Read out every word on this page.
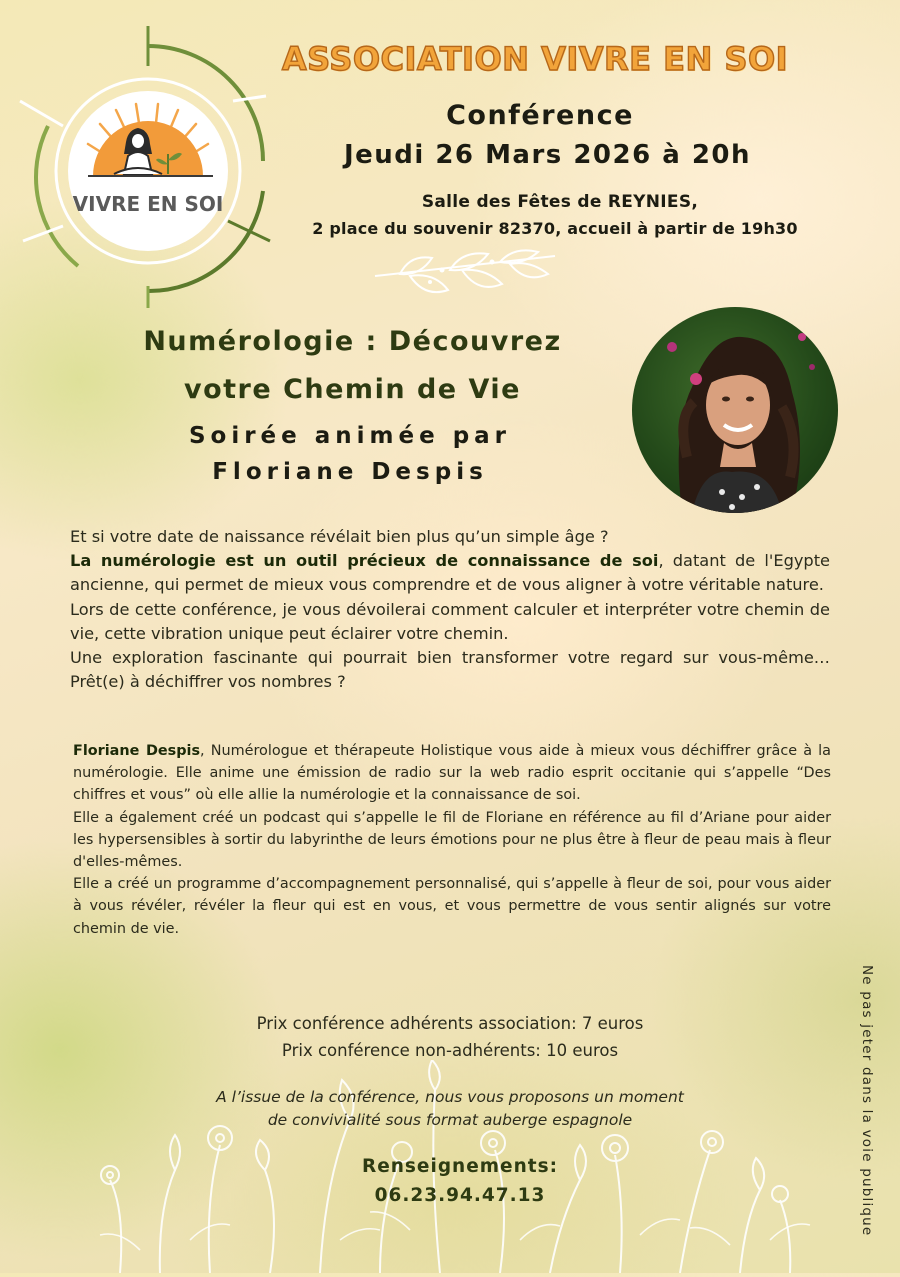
VIVRE EN SOI
ASSOCIATION VIVRE EN SOI
Conférence
Jeudi 26 Mars 2026 à 20h
Salle des Fêtes de REYNIES,
2 place du souvenir 82370, accueil à partir de 19h30
Numérologie : Découvrez
votre Chemin de Vie
Soirée animée par
Floriane Despis

Et si votre date de naissance révélait bien plus qu’un simple âge ?

La numérologie est un outil précieux de connaissance de soi, datant de l'Egypte ancienne, qui permet de mieux vous comprendre et de vous aligner à votre véritable nature.

Lors de cette conférence, je vous dévoilerai comment calculer et interpréter votre chemin de vie, cette vibration unique peut éclairer votre chemin.

Une exploration fascinante qui pourrait bien transformer votre regard sur vous-même… Prêt(e) à déchiffrer vos nombres ?

Floriane Despis, Numérologue et thérapeute Holistique vous aide à mieux vous déchiffrer grâce à la numérologie. Elle anime une émission de radio sur la web radio esprit occitanie qui s’appelle “Des chiffres et vous” où elle allie la numérologie et la connaissance de soi.

Elle a également créé un podcast qui s’appelle le fil de Floriane en référence au fil d’Ariane pour aider les hypersensibles à sortir du labyrinthe de leurs émotions pour ne plus être à fleur de peau mais à fleur d'elles-mêmes.

Elle a créé un programme d’accompagnement personnalisé, qui s’appelle à fleur de soi, pour vous aider à vous révéler, révéler la fleur qui est en vous, et vous permettre de vous sentir alignés sur votre chemin de vie.

Prix conférence adhérents association: 7 euros
Prix conférence non-adhérents: 10 euros
A l’issue de la conférence, nous vous proposons un moment
de convivialité sous format auberge espagnole
Renseignements:
06.23.94.47.13	Ne pas jeter dans la voie publique
